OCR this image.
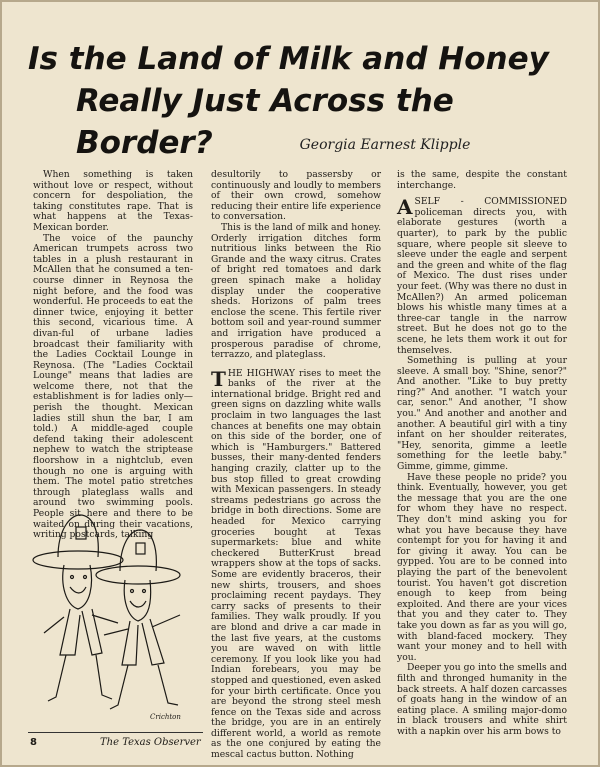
Is the Land of Milk and Honey
Really Just Across the Border?	Georgia Earnest Klipple

When something is taken without love or respect, without concern for despoliation, the taking constitutes rape. That is what happens at the Texas-Mexican border.

The voice of the paunchy American trumpets across two tables in a plush restaurant in McAllen that he consumed a ten-course dinner in Reynosa the night before, and the food was wonderful. He proceeds to eat the dinner twice, enjoying it better this second, vicarious time. A divan-ful of urbane ladies broadcast their familiarity with the Ladies Cocktail Lounge in Reynosa. (The "Ladies Cocktail Lounge" means that ladies are welcome there, not that the establishment is for ladies only—perish the thought. Mexican ladies still shun the bar, I am told.) A middle-aged couple defend taking their adolescent nephew to watch the striptease floorshow in a nightclub, even though no one is arguing with them. The motel patio stretches through plateglass walls and around two swimming pools. People sit here and there to be waited on during their vacations, writing postcards, talking

Crichton

desultorily to passersby or continuously and loudly to members of their own crowd, somehow reducing their entire life experience to conversation.

This is the land of milk and honey. Orderly irrigation ditches form nutritious links between the Rio Grande and the waxy citrus. Crates of bright red tomatoes and dark green spinach make a holiday display under the cooperative sheds. Horizons of palm trees enclose the scene. This fertile river bottom soil and year-round summer and irrigation have produced a prosperous paradise of chrome, terrazzo, and plateglass.

THE HIGHWAY rises to meet the banks of the river at the international bridge. Bright red and green signs on dazzling white walls proclaim in two languages the last chances at benefits one may obtain on this side of the border, one of which is "Hamburgers." Battered busses, their many-dented fenders hanging crazily, clatter up to the bus stop filled to great crowding with Mexican passengers. In steady streams pedestrians go across the bridge in both directions. Some are headed for Mexico carrying groceries bought at Texas supermarkets: blue and white checkered ButterKrust bread wrappers show at the tops of sacks. Some are evidently braceros, their new shirts, trousers, and shoes proclaiming recent paydays. They carry sacks of presents to their families. They walk proudly. If you are blond and drive a car made in the last five years, at the customs you are waved on with little ceremony. If you look like you had Indian forebears, you may be stopped and questioned, even asked for your birth certificate. Once you are beyond the strong steel mesh fence on the Texas side and across the bridge, you are in an entirely different world, a world as remote as the one conjured by eating the mescal cactus button. Nothing

is the same, despite the constant interchange.

ASELF - COMMISSIONED policeman directs you, with elaborate gestures (worth a quarter), to park by the public square, where people sit sleeve to sleeve under the eagle and serpent and the green and white of the flag of Mexico. The dust rises under your feet. (Why was there no dust in McAllen?) An armed policeman blows his whistle many times at a three-car tangle in the narrow street. But he does not go to the scene, he lets them work it out for themselves.

Something is pulling at your sleeve. A small boy. "Shine, senor?" And another. "Like to buy pretty ring?" And another. "I watch your car, senor." And another, "I show you." And another and another and another. A beautiful girl with a tiny infant on her shoulder reiterates, "Hey, senorita, gimme a leetle something for the leetle baby." Gimme, gimme, gimme.

Have these people no pride? you think. Eventually, however, you get the message that you are the one for whom they have no respect. They don't mind asking you for what you have because they have contempt for you for having it and for giving it away. You can be gypped. You are to be conned into playing the part of the benevolent tourist. You haven't got discretion enough to keep from being exploited. And there are your vices that you and they cater to. They take you down as far as you will go, with bland-faced mockery. They want your money and to hell with you.

Deeper you go into the smells and filth and thronged humanity in the back streets. A half dozen carcasses of goats hang in the window of an eating place. A smiling major-domo in black trousers and white shirt with a napkin over his arm bows to

8	The Texas Observer
